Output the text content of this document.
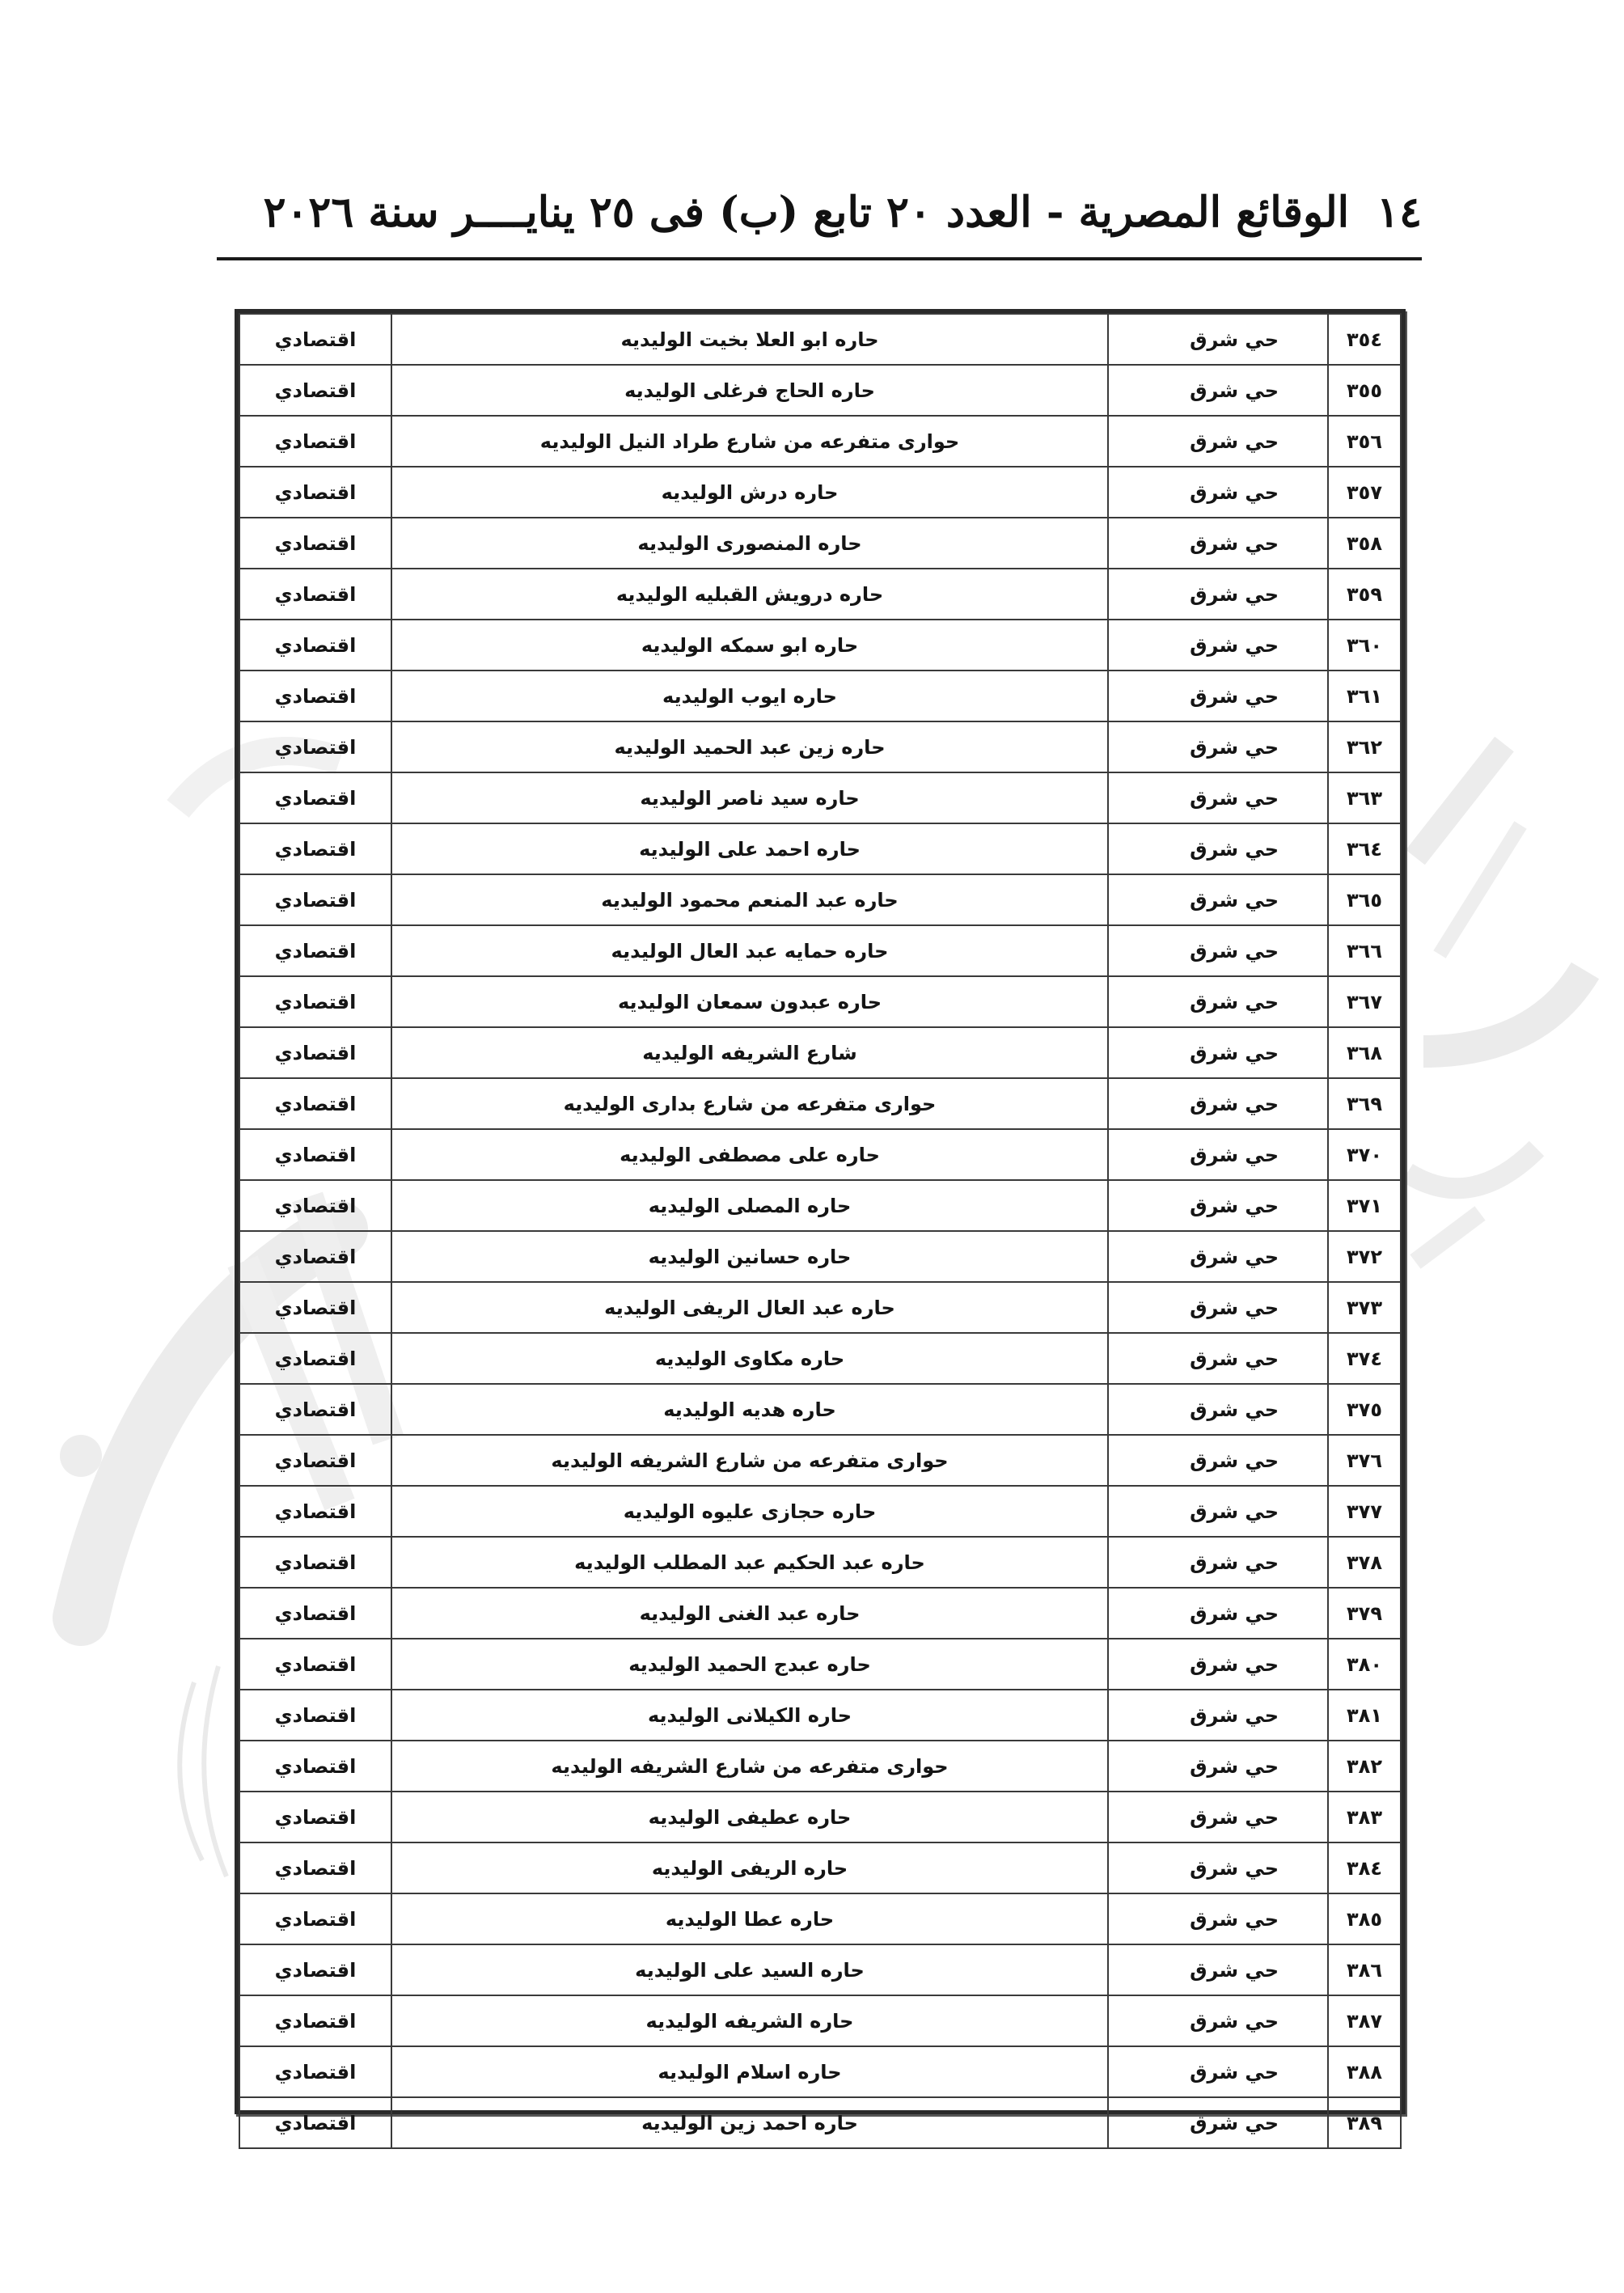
١٤
الوقائع المصرية - العدد ٢٠ تابع (ب) فى ٢٥ ينايــــر سنة ٢٠٢٦
٣٥٤	حي شرق	حاره ابو العلا بخيت الوليديه	اقتصادي
٣٥٥	حي شرق	حاره الحاج فرغلى الوليديه	اقتصادي
٣٥٦	حي شرق	حوارى متفرعه من شارع طراد النيل الوليديه	اقتصادي
٣٥٧	حي شرق	حاره درش الوليديه	اقتصادي
٣٥٨	حي شرق	حاره المنصورى الوليديه	اقتصادي
٣٥٩	حي شرق	حاره درويش القبليه الوليديه	اقتصادي
٣٦٠	حي شرق	حاره ابو سمكه الوليديه	اقتصادي
٣٦١	حي شرق	حاره ايوب الوليديه	اقتصادي
٣٦٢	حي شرق	حاره زين عبد الحميد الوليديه	اقتصادي
٣٦٣	حي شرق	حاره سيد ناصر الوليديه	اقتصادي
٣٦٤	حي شرق	حاره احمد على الوليديه	اقتصادي
٣٦٥	حي شرق	حاره عبد المنعم محمود الوليديه	اقتصادي
٣٦٦	حي شرق	حاره حمايه عبد العال الوليديه	اقتصادي
٣٦٧	حي شرق	حاره عبدون سمعان الوليديه	اقتصادي
٣٦٨	حي شرق	شارع الشريفه الوليديه	اقتصادي
٣٦٩	حي شرق	حوارى متفرعه من شارع بدارى الوليديه	اقتصادي
٣٧٠	حي شرق	حاره على مصطفى الوليديه	اقتصادي
٣٧١	حي شرق	حاره المصلى الوليديه	اقتصادي
٣٧٢	حي شرق	حاره حسانين الوليديه	اقتصادي
٣٧٣	حي شرق	حاره عبد العال الريفى الوليديه	اقتصادي
٣٧٤	حي شرق	حاره مكاوى الوليديه	اقتصادي
٣٧٥	حي شرق	حاره هديه الوليديه	اقتصادي
٣٧٦	حي شرق	حوارى متفرعه من شارع الشريفه الوليديه	اقتصادي
٣٧٧	حي شرق	حاره حجازى عليوه الوليديه	اقتصادي
٣٧٨	حي شرق	حاره عبد الحكيم عبد المطلب الوليديه	اقتصادي
٣٧٩	حي شرق	حاره عبد الغنى الوليديه	اقتصادي
٣٨٠	حي شرق	حاره عبدج الحميد الوليديه	اقتصادي
٣٨١	حي شرق	حاره الكيلانى الوليديه	اقتصادي
٣٨٢	حي شرق	حوارى متفرعه من شارع الشريفه الوليديه	اقتصادي
٣٨٣	حي شرق	حاره عطيفى الوليديه	اقتصادي
٣٨٤	حي شرق	حاره الريفى الوليديه	اقتصادي
٣٨٥	حي شرق	حاره عطا الوليديه	اقتصادي
٣٨٦	حي شرق	حاره السيد على الوليديه	اقتصادي
٣٨٧	حي شرق	حاره الشريفه الوليديه	اقتصادي
٣٨٨	حي شرق	حاره اسلام الوليديه	اقتصادي
٣٨٩	حي شرق	حاره احمد زين الوليديه	اقتصادي
